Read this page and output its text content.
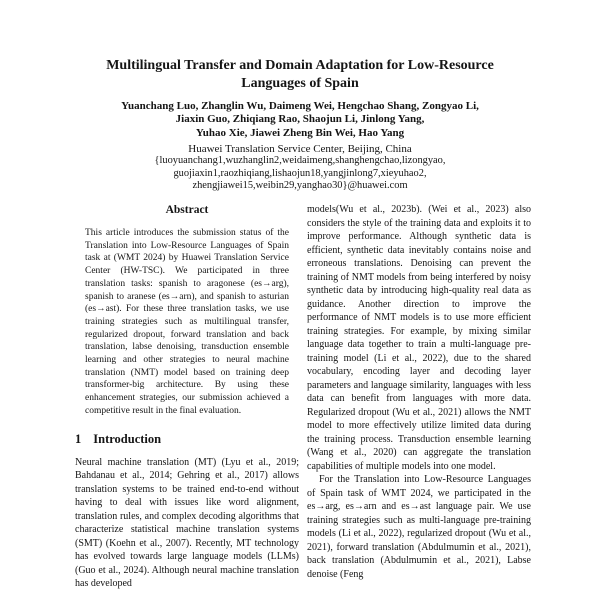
Multilingual Transfer and Domain Adaptation for Low-Resource Languages of Spain
Yuanchang Luo, Zhanglin Wu, Daimeng Wei, Hengchao Shang, Zongyao Li,
Jiaxin Guo, Zhiqiang Rao, Shaojun Li, Jinlong Yang,
Yuhao Xie, Jiawei Zheng Bin Wei, Hao Yang
Huawei Translation Service Center, Beijing, China
{luoyuanchang1,wuzhanglin2,weidaimeng,shanghengchao,lizongyao,
guojiaxin1,raozhiqiang,lishaojun18,yangjinlong7,xieyuhao2,
zhengjiawei15,weibin29,yanghao30}@huawei.com
Abstract

This article introduces the submission status of the Translation into Low-Resource Languages of Spain task at (WMT 2024) by Huawei Translation Service Center (HW-TSC). We participated in three translation tasks: spanish to aragonese (es→arg), spanish to aranese (es→arn), and spanish to asturian (es→ast). For these three translation tasks, we use training strategies such as multilingual transfer, regularized dropout, forward translation and back translation, labse denoising, transduction ensemble learning and other strategies to neural machine translation (NMT) model based on training deep transformer-big architecture. By using these enhancement strategies, our submission achieved a competitive result in the final evaluation.

1 Introduction

Neural machine translation (MT) (Lyu et al., 2019; Bahdanau et al., 2014; Gehring et al., 2017) allows translation systems to be trained end-to-end without having to deal with issues like word alignment, translation rules, and complex decoding algorithms that characterize statistical machine translation systems (SMT) (Koehn et al., 2007). Recently, MT technology has evolved towards large language models (LLMs) (Guo et al., 2024). Although neural machine translation has developed

models(Wu et al., 2023b). (Wei et al., 2023) also considers the style of the training data and exploits it to improve performance. Although synthetic data is efficient, synthetic data inevitably contains noise and erroneous translations. Denoising can prevent the training of NMT models from being interfered by noisy synthetic data by introducing high-quality real data as guidance. Another direction to improve the performance of NMT models is to use more efficient training strategies. For example, by mixing similar language data together to train a multi-language pre-training model (Li et al., 2022), due to the shared vocabulary, encoding layer and decoding layer parameters and language similarity, languages with less data can benefit from languages with more data. Regularized dropout (Wu et al., 2021) allows the NMT model to more effectively utilize limited data during the training process. Transduction ensemble learning (Wang et al., 2020) can aggregate the translation capabilities of multiple models into one model.

For the Translation into Low-Resource Languages of Spain task of WMT 2024, we participated in the es→arg, es→arn and es→ast language pair. We use training strategies such as multi-language pre-training models (Li et al., 2022), regularized dropout (Wu et al., 2021), forward translation (Abdulmumin et al., 2021), back translation (Abdulmumin et al., 2021), Labse denoise (Feng
